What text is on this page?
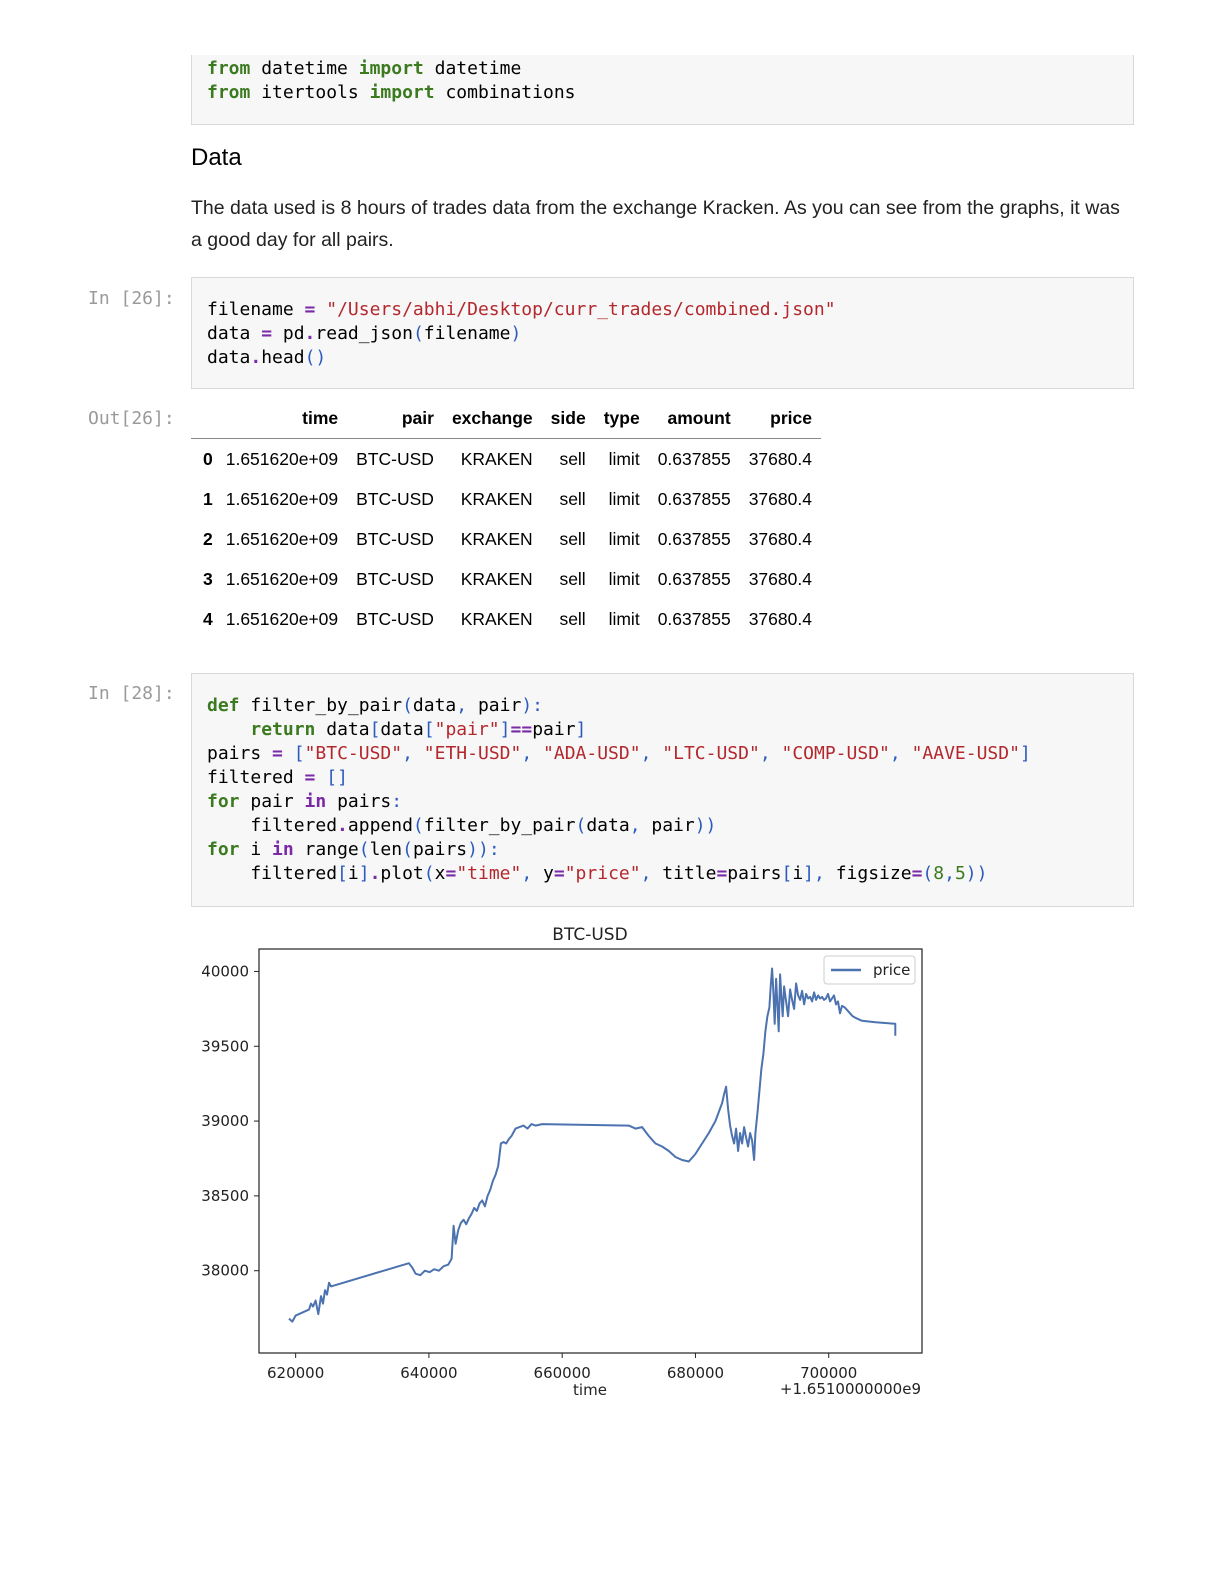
from datetime import datetime
from itertools import combinations
Data

The data used is 8 hours of trades data from the exchange Kracken. As you can see from the graphs, it was a good day for all pairs.

In [26]:
filename = "/Users/abhi/Desktop/curr_trades/combined.json"
data = pd.read_json(filename)
data.head()
Out[26]:
		time	pair	exchange	side	type	amount	price
0	1.651620e+09	BTC-USD	KRAKEN	sell	limit	0.637855	37680.4
1	1.651620e+09	BTC-USD	KRAKEN	sell	limit	0.637855	37680.4
2	1.651620e+09	BTC-USD	KRAKEN	sell	limit	0.637855	37680.4
3	1.651620e+09	BTC-USD	KRAKEN	sell	limit	0.637855	37680.4
4	1.651620e+09	BTC-USD	KRAKEN	sell	limit	0.637855	37680.4
In [28]:
def filter_by_pair(data, pair):
return data[data["pair"]==pair]
pairs = ["BTC-USD", "ETH-USD", "ADA-USD", "LTC-USD", "COMP-USD", "AAVE-USD"]
filtered = []
for pair in pairs:
filtered.append(filter_by_pair(data, pair))
for i in range(len(pairs)):
filtered[i].plot(x="time", y="price", title=pairs[i], figsize=(8,5))
BTC-USD
38000
38500
39000
39500
40000
620000	640000	660000	680000	700000
time	+1.6510000000e9
price
